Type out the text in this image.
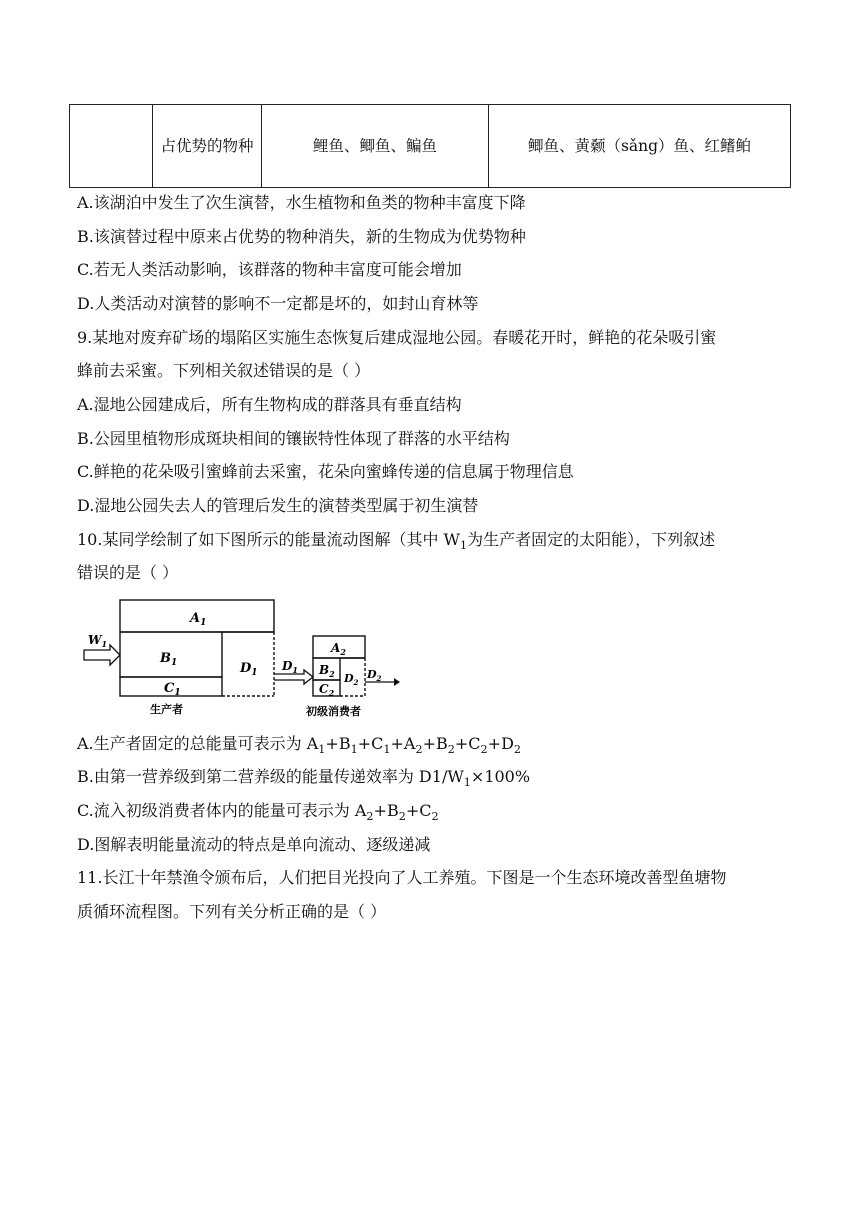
	占优势的物种	鲤鱼、鲫鱼、鳊鱼	鲫鱼、黄颡（sǎng）鱼、红鳍鲌
A.该湖泊中发生了次生演替，水生植物和鱼类的物种丰富度下降
B.该演替过程中原来占优势的物种消失，新的生物成为优势物种
C.若无人类活动影响，该群落的物种丰富度可能会增加
D.人类活动对演替的影响不一定都是坏的，如封山育林等
9.某地对废弃矿场的塌陷区实施生态恢复后建成湿地公园。春暖花开时，鲜艳的花朵吸引蜜
蜂前去采蜜。下列相关叙述错误的是（ ）
A.湿地公园建成后，所有生物构成的群落具有垂直结构
B.公园里植物形成斑块相间的镶嵌特性体现了群落的水平结构
C.鲜艳的花朵吸引蜜蜂前去采蜜，花朵向蜜蜂传递的信息属于物理信息
D.湿地公园失去人的管理后发生的演替类型属于初生演替
10.某同学绘制了如下图所示的能量流动图解（其中 $W_1$为生产者固定的太阳能），下列叙述
错误的是（ ）
$A_1$
$B_1$
$C_1$
$D_1$
$W_1$
$D_1$
$A_2$
$B_2$
$C_2$
$D_2$
$D_2$
生产者	初级消费者
A.生产者固定的总能量可表示为 $A_1+B_1+C_1+A_2+B_2+C_2+D_2$
B.由第一营养级到第二营养级的能量传递效率为 $D1/W_1\times 100\%$
C.流入初级消费者体内的能量可表示为 $A_2+B_2+C_2$
D.图解表明能量流动的特点是单向流动、逐级递减
11.长江十年禁渔令颁布后，人们把目光投向了人工养殖。下图是一个生态环境改善型鱼塘物
质循环流程图。下列有关分析正确的是（ ）
